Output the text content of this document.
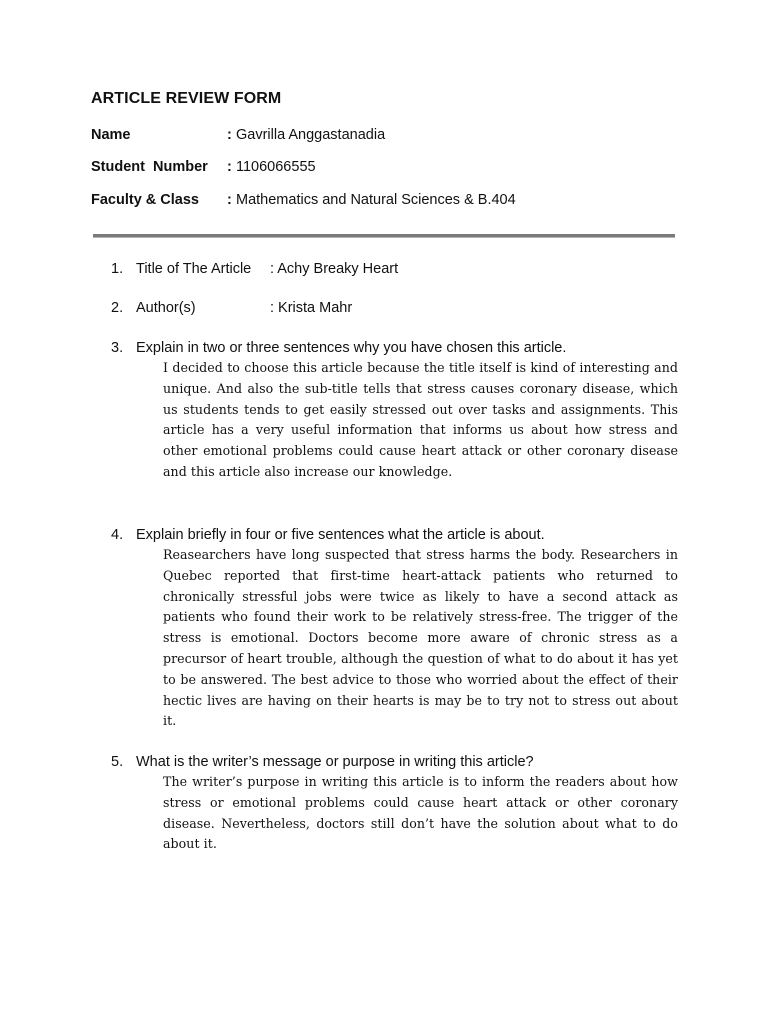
ARTICLE REVIEW FORM
Name	: Gavrilla Anggastanadia
Student  Number : 1106066555
Faculty & Class : Mathematics and Natural Sciences & B.404
1. Title of The Article : Achy Breaky Heart
2. Author(s)	: Krista Mahr
3. Explain in two or three sentences why you have chosen this article.
I decided to choose this article because the title itself is kind of interesting and unique. And also the sub-title tells that stress causes coronary disease, which us students tends to get easily stressed out over tasks and assignments. This article has a very useful information that informs us about how stress and other emotional problems could cause heart attack or other coronary disease and this article also increase our knowledge.
4. Explain briefly in four or five sentences what the article is about.
Reasearchers have long suspected that stress harms the body. Researchers in Quebec reported that first-time heart-attack patients who returned to chronically stressful jobs were twice as likely to have a second attack as patients who found their work to be relatively stress-free. The trigger of the stress is emotional. Doctors become more aware of chronic stress as a precursor of heart trouble, although the question of what to do about it has yet to be answered. The best advice to those who worried about the effect of their hectic lives are having on their hearts is may be to try not to stress out about it.
5. What is the writer’s message or purpose in writing this article?
The writer’s purpose in writing this article is to inform the readers about how stress or emotional problems could cause heart attack or other coronary disease. Nevertheless, doctors still don’t have the solution about what to do about it.
